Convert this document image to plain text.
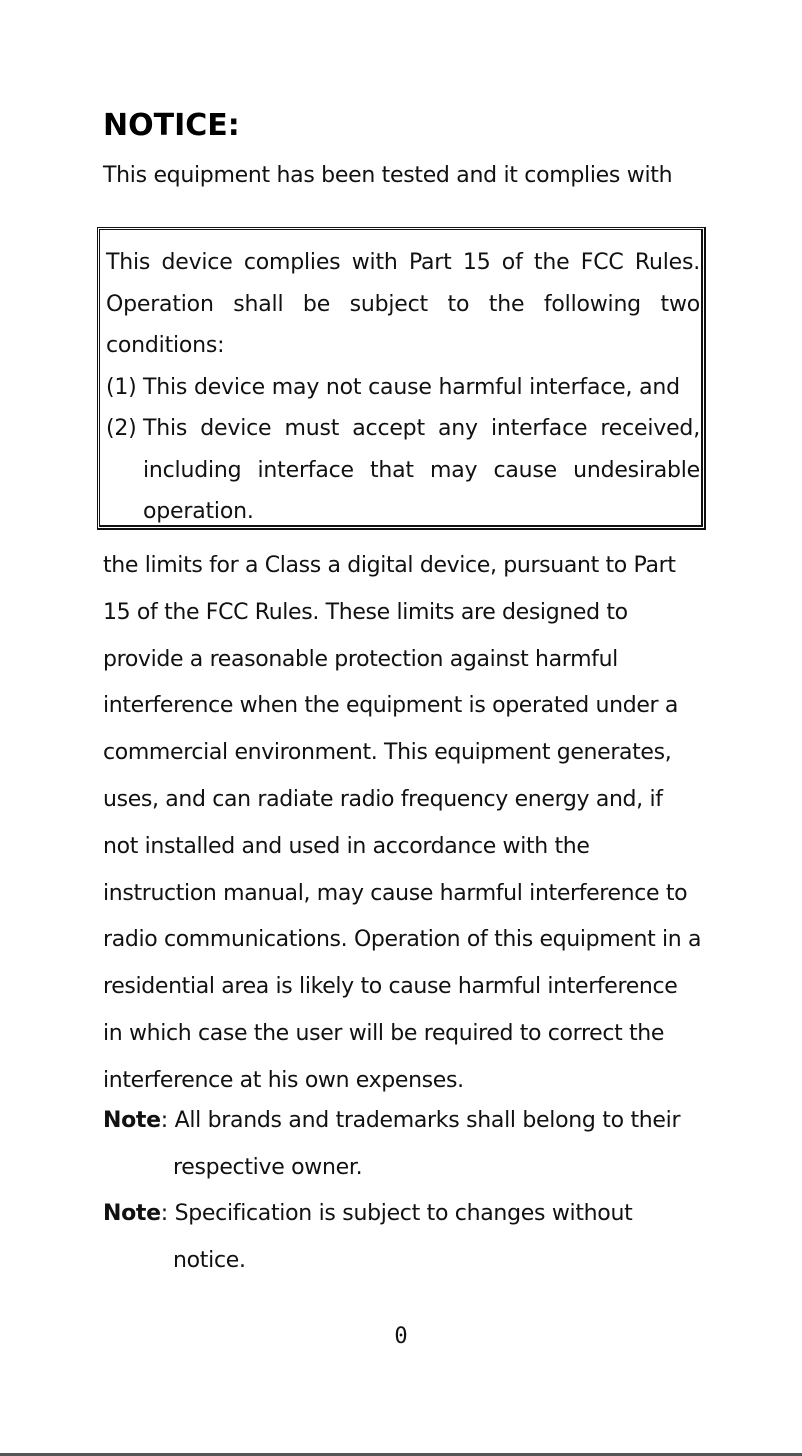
NOTICE:

This equipment has been tested and it complies with

This device complies with Part 15 of the FCC Rules. Operation shall be subject to the following two conditions:

(1) This device may not cause harmful interface, and

(2) This device must accept any interface received, including interface that may cause undesirable operation.

the limits for a Class a digital device, pursuant to Part 15 of the FCC Rules. These limits are designed to provide a reasonable protection against harmful interference when the equipment is operated under a commercial environment. This equipment generates, uses, and can radiate radio frequency energy and, if not installed and used in accordance with the instruction manual, may cause harmful interference to radio communications. Operation of this equipment in a residential area is likely to cause harmful interference in which case the user will be required to correct the interference at his own expenses.

Note: All brands and trademarks shall belong to their respective owner.

Note: Specification is subject to changes without notice.

0
